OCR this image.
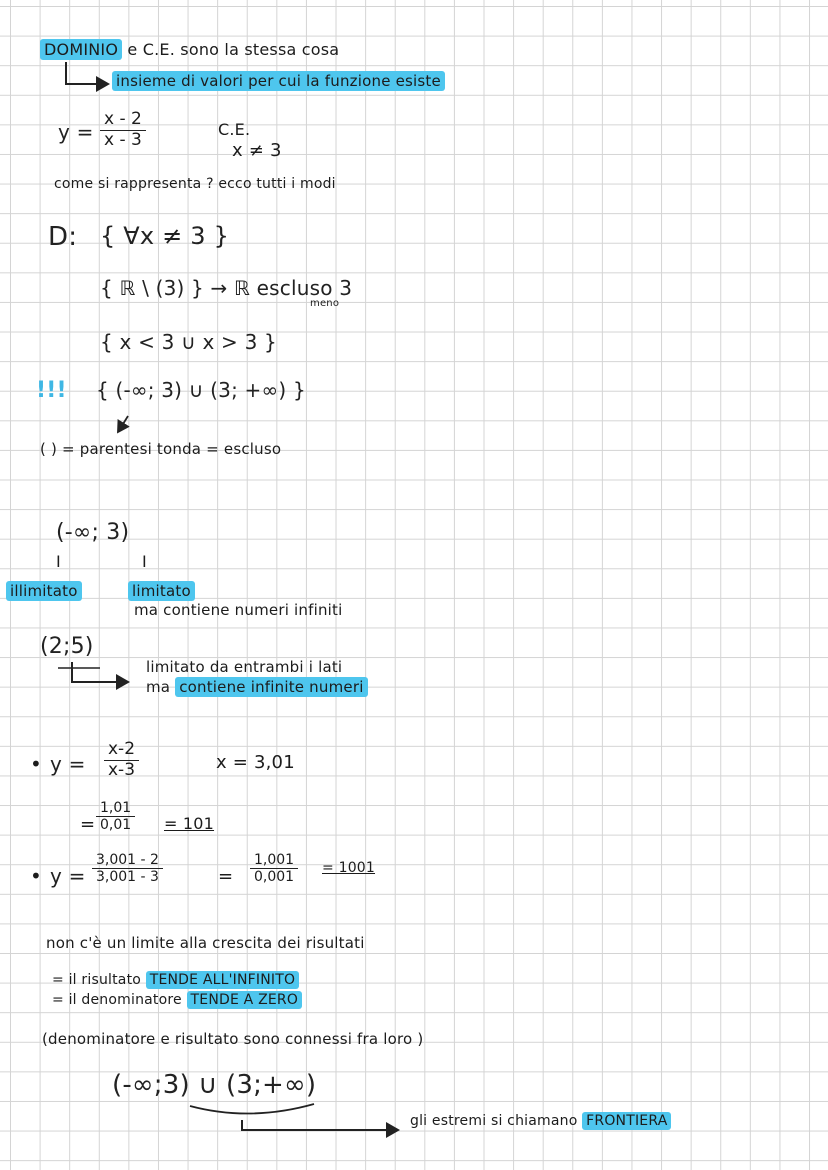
DOMINIO e C.E. sono la stessa cosa
insieme di valori per cui la funzione esiste
$y = \frac{x - 2}{x - 3}$	C.E.
x ≠ 3
come si rappresenta ? ecco tutti i modi
D: { ∀x ≠ 3 }
{ ℝ \ (3) } → ℝ escluso 3
meno
{ x < 3 ∪ x > 3 }
!!! { (-∞; 3) ∪ (3; +∞) }
( ) = parentesi tonda = escluso
(-∞; 3)
I	I
illimitato	limitato
ma contiene numeri infiniti
(2;5)
limitato da entrambi i lati
ma contiene infinite numeri
• $y = \frac{x-2}{x-3}$	x = 3,01
= $\frac{1,01}{0,01} = 101$
• $y = \frac{3,001 - 2}{3,001 - 3}$	= $\frac{1,001}{0,001} = 1001$
non c'è un limite alla crescita dei risultati
= il risultato TENDE ALL'INFINITO
= il denominatore TENDE A ZERO
(denominatore e risultato sono connessi fra loro )
(-∞;3) ∪ (3;+∞)
gli estremi si chiamano FRONTIERA
